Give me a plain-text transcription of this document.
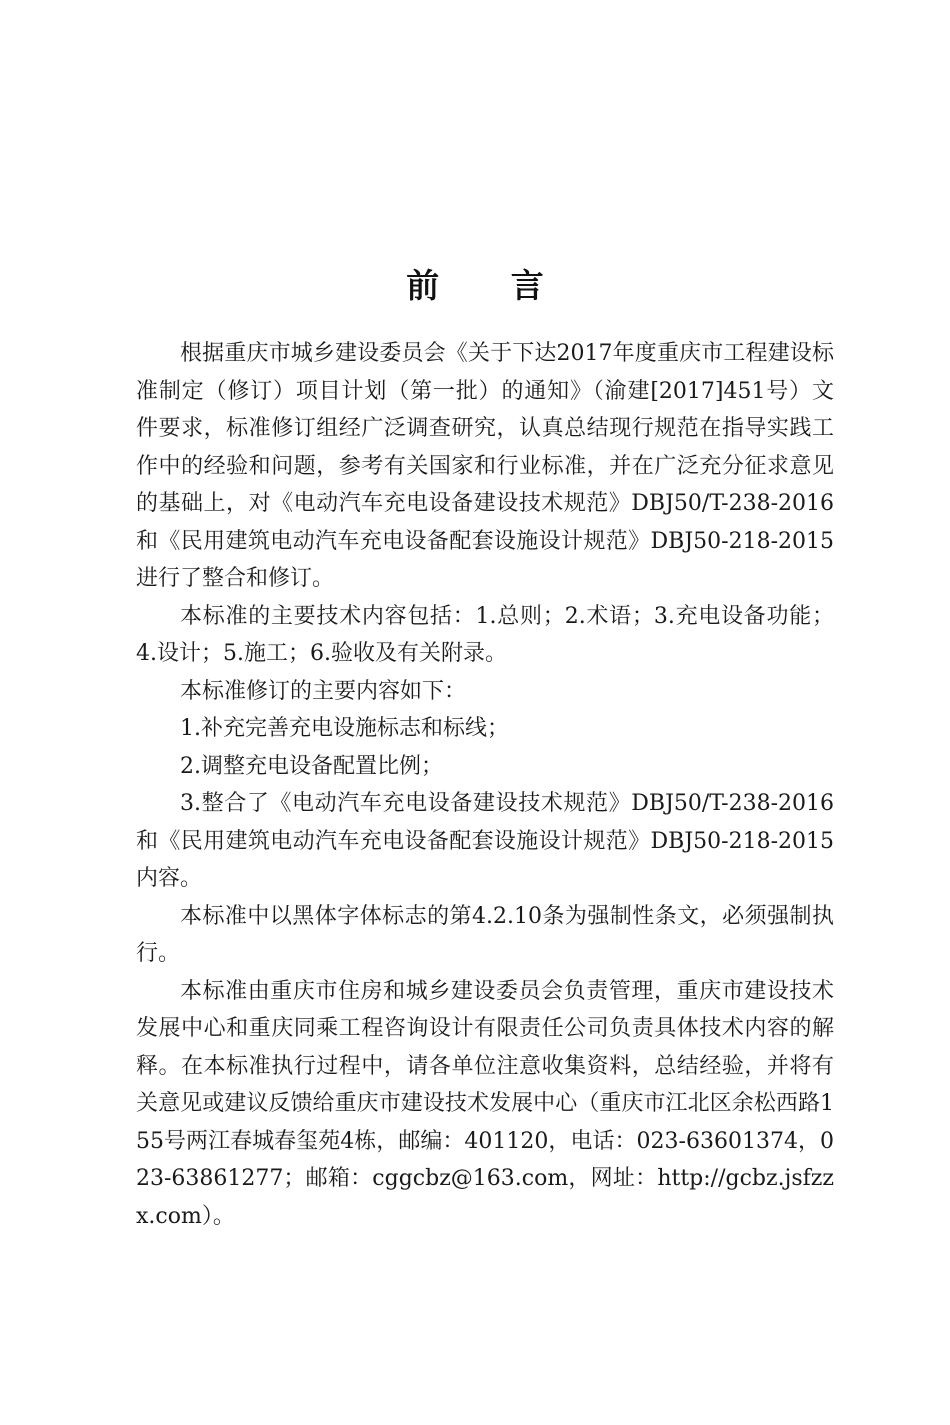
前 言

根据重庆市城乡建设委员会《关于下达2017年度重庆市工程建设标准制定（修订）项目计划（第一批）的通知》（渝建[2017]451号）文件要求，标准修订组经广泛调查研究，认真总结现行规范在指导实践工作中的经验和问题，参考有关国家和行业标准，并在广泛充分征求意见的基础上，对《电动汽车充电设备建设技术规范》DBJ50/T-238-2016和《民用建筑电动汽车充电设备配套设施设计规范》DBJ50-218-2015进行了整合和修订。

本标准的主要技术内容包括：1.总则；2.术语；3.充电设备功能；4.设计；5.施工；6.验收及有关附录。

本标准修订的主要内容如下：

1.补充完善充电设施标志和标线；

2.调整充电设备配置比例；

3.整合了《电动汽车充电设备建设技术规范》DBJ50/T-238-2016和《民用建筑电动汽车充电设备配套设施设计规范》DBJ50-218-2015内容。

本标准中以黑体字体标志的第4.2.10条为强制性条文，必须强制执行。

本标准由重庆市住房和城乡建设委员会负责管理，重庆市建设技术发展中心和重庆同乘工程咨询设计有限责任公司负责具体技术内容的解释。在本标准执行过程中，请各单位注意收集资料，总结经验，并将有关意见或建议反馈给重庆市建设技术发展中心（重庆市江北区余松西路155号两江春城春玺苑4栋，邮编：401120，电话：023-63601374，023-63861277；邮箱：cggcbz@163.com，网址：http://gcbz.jsfzzx.com）。
